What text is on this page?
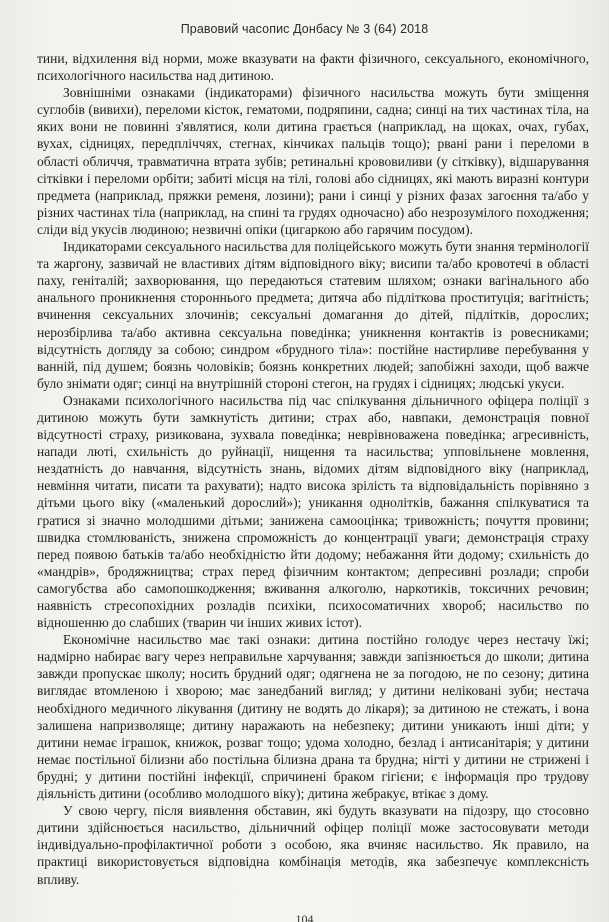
Правовий часопис Донбасу № 3 (64) 2018

тини, відхилення від норми, може вказувати на факти фізичного, сексуального, економічного, психологічного насильства над дитиною.

Зовнішніми ознаками (індикаторами) фізичного насильства можуть бути зміщення суглобів (вивихи), переломи кісток, гематоми, подряпини, садна; синці на тих частинах тіла, на яких вони не повинні з'являтися, коли дитина грається (наприклад, на щоках, очах, губах, вухах, сідницях, передпліччях, стегнах, кінчиках пальців тощо); рвані рани і переломи в області обличчя, травматична втрата зубів; ретинальні крововиливи (у сітківку), відшарування сітківки і переломи орбіти; забиті місця на тілі, голові або сідницях, які мають виразні контури предмета (наприклад, пряжки ременя, лозини); рани і синці у різних фазах загоєння та/або у різних частинах тіла (наприклад, на спині та грудях одночасно) або незрозумілого походження; сліди від укусів людиною; незвичні опіки (цигаркою або гарячим посудом).

Індикаторами сексуального насильства для поліцейського можуть бути знання термінології та жаргону, зазвичай не властивих дітям відповідного віку; висипи та/або кровотечі в області паху, геніталій; захворювання, що передаються статевим шляхом; ознаки вагінального або анального проникнення стороннього предмета; дитяча або підліткова проституція; вагітність; вчинення сексуальних злочинів; сексуальні домагання до дітей, підлітків, дорослих; нерозбірлива та/або активна сексуальна поведінка; уникнення контактів із ровесниками; відсутність догляду за собою; синдром «брудного тіла»: постійне настирливе перебування у ванній, під душем; боязнь чоловіків; боязнь конкретних людей; запобіжні заходи, щоб важче було знімати одяг; синці на внутрішній стороні стегон, на грудях і сідницях; людські укуси.

Ознаками психологічного насильства під час спілкування дільничного офіцера поліції з дитиною можуть бути замкнутість дитини; страх або, навпаки, демонстрація повної відсутності страху, ризикована, зухвала поведінка; неврівноважена поведінка; агресивність, напади люті, схильність до руйнації, нищення та насильства; упповільнене мовлення, нездатність до навчання, відсутність знань, відомих дітям відповідного віку (наприклад, невміння читати, писати та рахувати); надто висока зрілість та відповідальність порівняно з дітьми цього віку («маленький дорослий»); уникання однолітків, бажання спілкуватися та гратися зі значно молодшими дітьми; занижена самооцінка; тривожність; почуття провини; швидка стомлюваність, знижена спроможність до концентрації уваги; демонстрація страху перед появою батьків та/або необхідністю йти додому; небажання йти додому; схильність до «мандрів», бродяжництва; страх перед фізичним контактом; депресивні розлади; спроби самогубства або самопошкодження; вживання алкоголю, наркотиків, токсичних речовин; наявність стресопохідних розладів психіки, психосоматичних хвороб; насильство по відношенню до слабших (тварин чи інших живих істот).

Економічне насильство має такі ознаки: дитина постійно голодує через нестачу їжі; надмірно набирає вагу через неправильне харчування; завжди запізнюється до школи; дитина завжди пропускає школу; носить брудний одяг; одягнена не за погодою, не по сезону; дитина виглядає втомленою і хворою; має занедбаний вигляд; у дитини неліковані зуби; нестача необхідного медичного лікування (дитину не водять до лікаря); за дитиною не стежать, і вона залишена напризволяще; дитину наражають на небезпеку; дитини уникають інші діти; у дитини немає іграшок, книжок, розваг тощо; удома холодно, безлад і антисанітарія; у дитини немає постільної білизни або постільна білизна драна та брудна; нігті у дитини не стрижені і брудні; у дитини постійні інфекції, спричинені браком гігієни; є інформація про трудову діяльність дитини (особливо молодшого віку); дитина жебракує, втікає з дому.

У свою чергу, після виявлення обставин, які будуть вказувати на підозру, що стосовно дитини здійснюється насильство, дільничний офіцер поліції може застосовувати методи індивідуально-профілактичної роботи з особою, яка вчиняє насильство. Як правило, на практиці використовується відповідна комбінація методів, яка забезпечує комплексність впливу.

104
